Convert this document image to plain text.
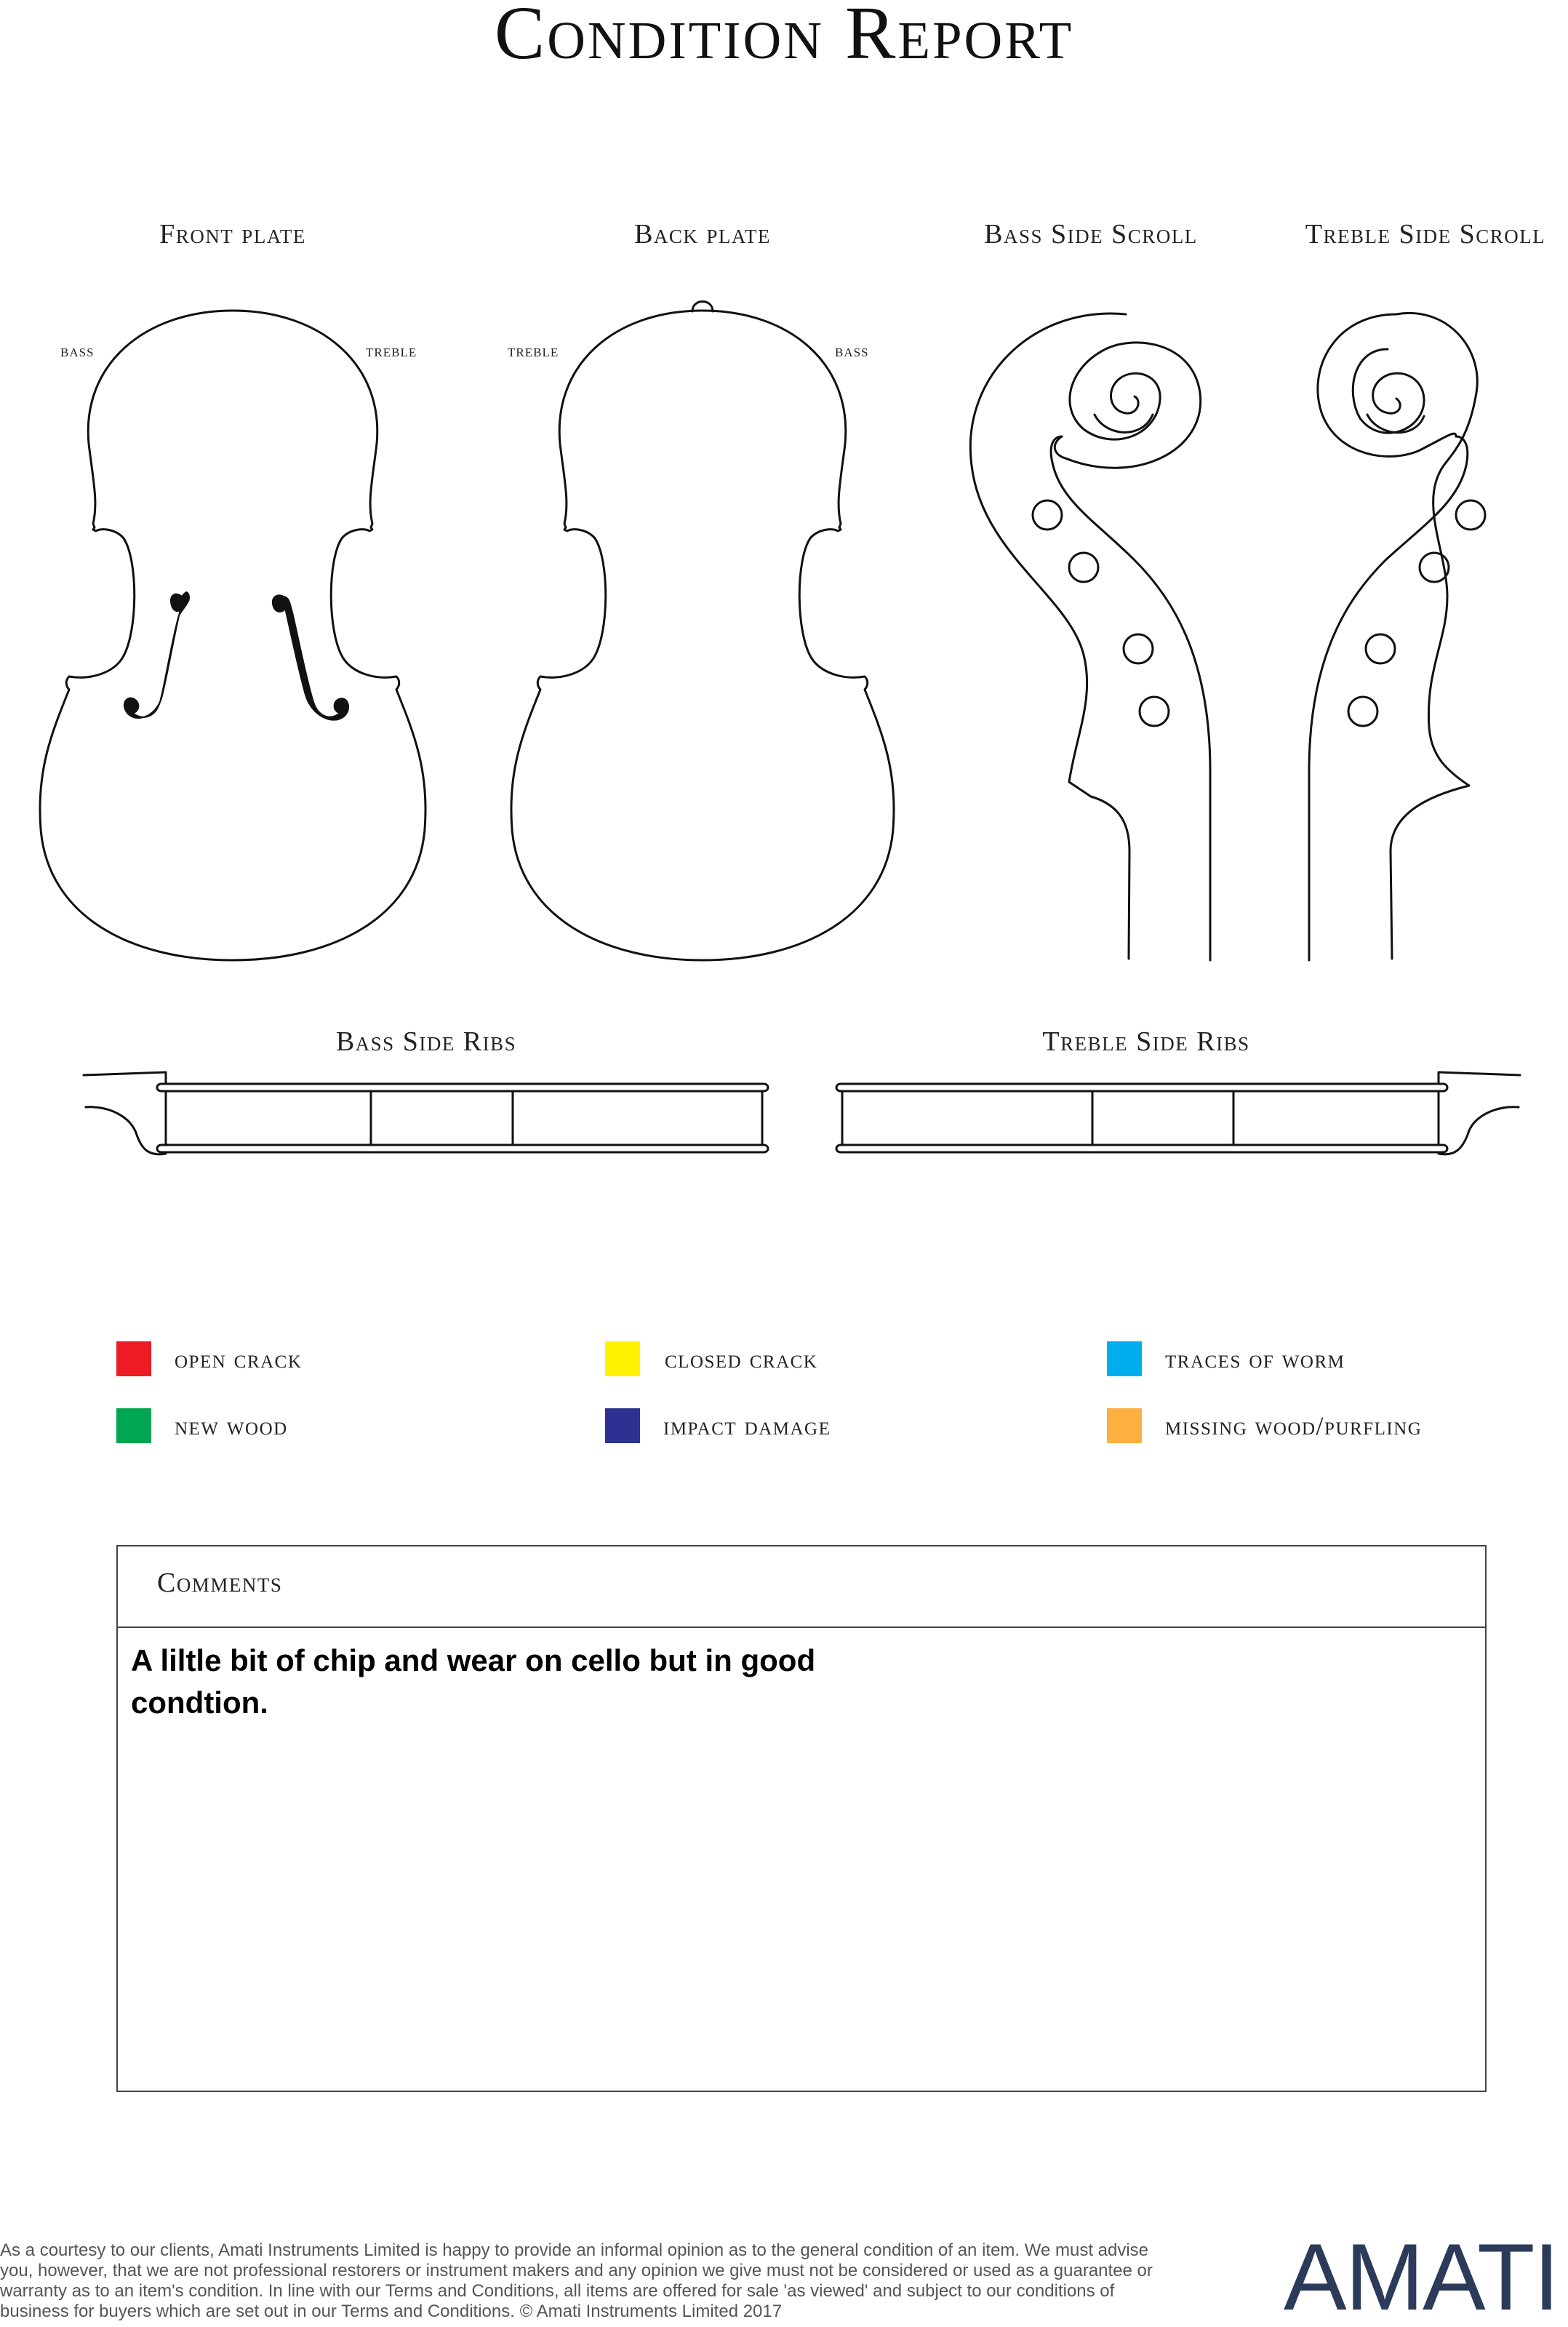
Condition Report
Front plate	Back plate	Bass Side Scroll	Treble Side Scroll
Bass Side Ribs	Treble Side Ribs
bass	treble	treble	bass
open crack	closed crack	traces of worm
new wood	impact damage	missing wood/purfling
Comments
A liltle bit of chip and wear on cello but in good condtion.
As a courtesy to our clients, Amati Instruments Limited is happy to provide an informal opinion as to the general condition of an item. We must advise you, however, that we are not professional restorers or instrument makers and any opinion we give must not be considered or used as a guarantee or warranty as to an item's condition. In line with our Terms and Conditions, all items are offered for sale 'as viewed' and subject to our conditions of business for buyers which are set out in our Terms and Conditions. © Amati Instruments Limited 2017	AMATI
